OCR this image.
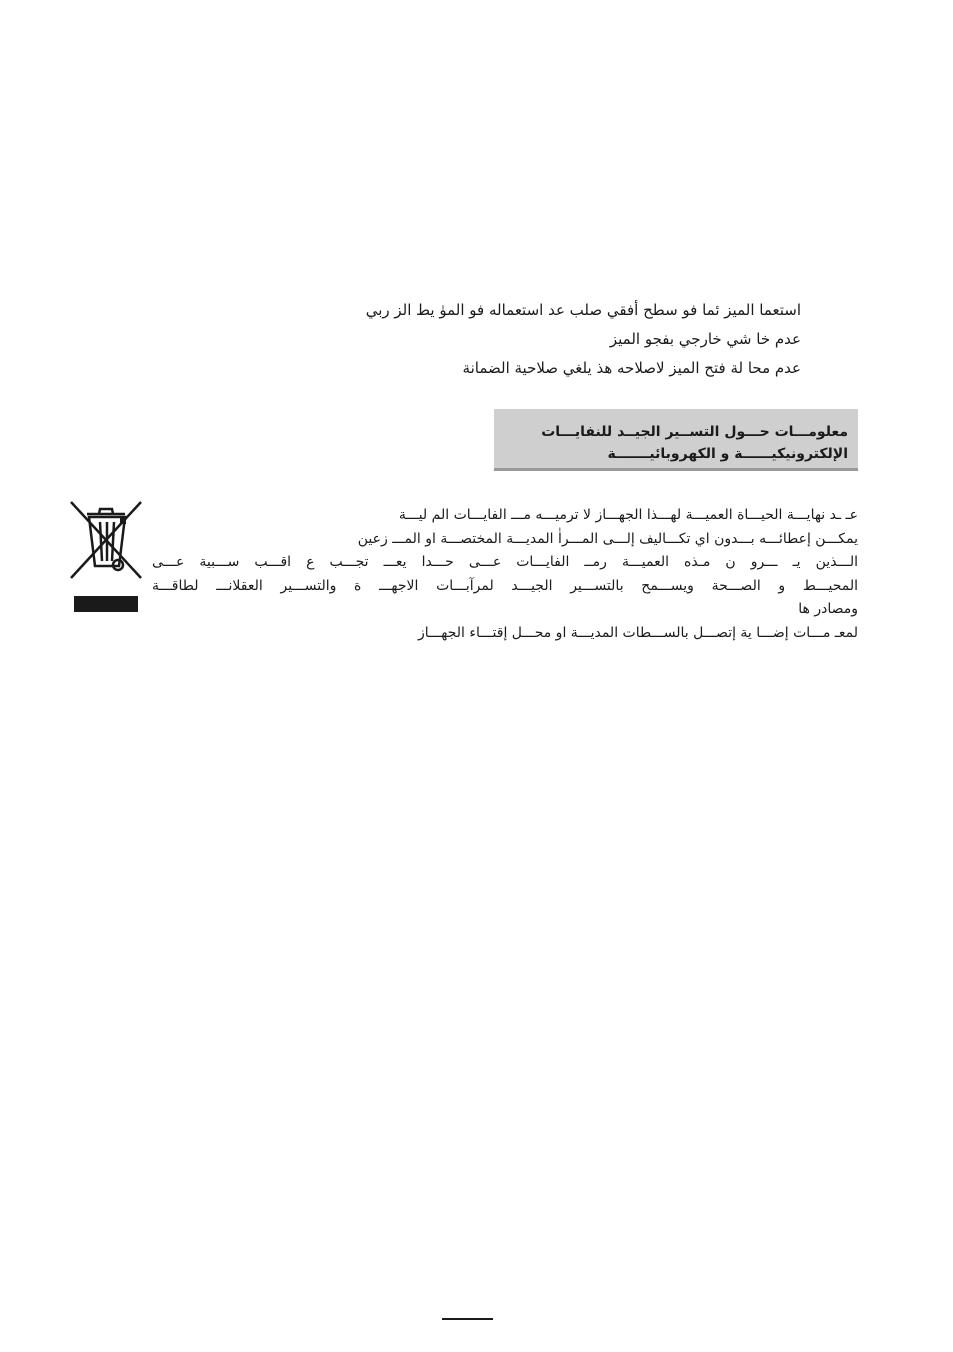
استعما المیز ئما فو سطح أفقي صلب عد استعماله فو الموٰ یط الز ربي

عدم خا شي خارجي بفجو المیز

عدم محا لة فتح المیز لاصلاحه هذ یلغي صلاحیة الضمانة

معلومـــات حـــول التســیر الجیــد للنفایـــات
الإلكترونیكیــــــة و الكهروبائیـــــــة

عـ ـد نهایـــة الحیـــاة العمیـــة لهـــذا الجهـــاز لا ترمیـــه مـــ الفایـــات الم لیـــة

یمكـــن إعطائـــه بـــدون اي تكـــالیف إلـــى المـــراٰ المدیـــة المختصـــة او المـــ زعین

الـــذین یـ ـــرو ن مـذه العمیـــة رمــ الفایـــات عـــی حـــدا یعـــ تجـــب ع اقـــب ســـبیة عـــی

المحیـــط و الصـــحة ویســـمح بالتســـیر الجیـــد لمرآبـــات الاجهـــ ة والتســـیر العقلانـــ لطاقـــة

ومصادر ها

لمعـ مـــات إضـــا یة إتصـــل بالســـطات المدیـــة او محـــل إقتـــاء الجهـــاز
